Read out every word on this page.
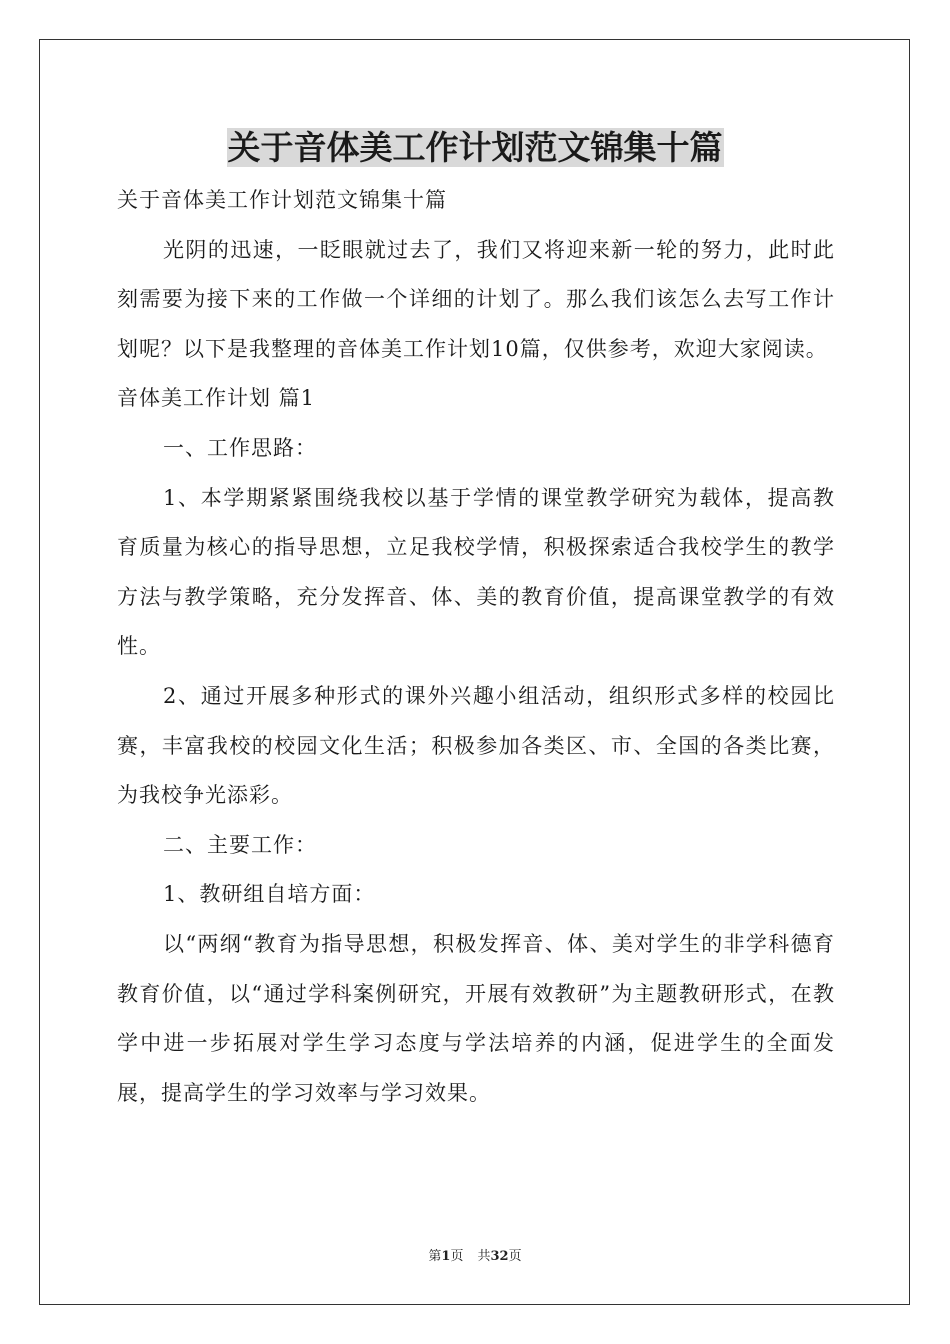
关于音体美工作计划范文锦集十篇

关于音体美工作计划范文锦集十篇

光阴的迅速，一眨眼就过去了，我们又将迎来新一轮的努力，此时此刻需要为接下来的工作做一个详细的计划了。那么我们该怎么去写工作计划呢？以下是我整理的音体美工作计划10篇，仅供参考，欢迎大家阅读。

音体美工作计划 篇1

一、工作思路：

1、本学期紧紧围绕我校以基于学情的课堂教学研究为载体，提高教育质量为核心的指导思想，立足我校学情，积极探索适合我校学生的教学方法与教学策略，充分发挥音、体、美的教育价值，提高课堂教学的有效性。

2、通过开展多种形式的课外兴趣小组活动，组织形式多样的校园比赛，丰富我校的校园文化生活；积极参加各类区、市、全国的各类比赛，为我校争光添彩。

二、主要工作：

1、教研组自培方面：

以“两纲“教育为指导思想，积极发挥音、体、美对学生的非学科德育教育价值，以“通过学科案例研究，开展有效教研”为主题教研形式，在教学中进一步拓展对学生学习态度与学法培养的内涵，促进学生的全面发展，提高学生的学习效率与学习效果。

第1页 共32页
